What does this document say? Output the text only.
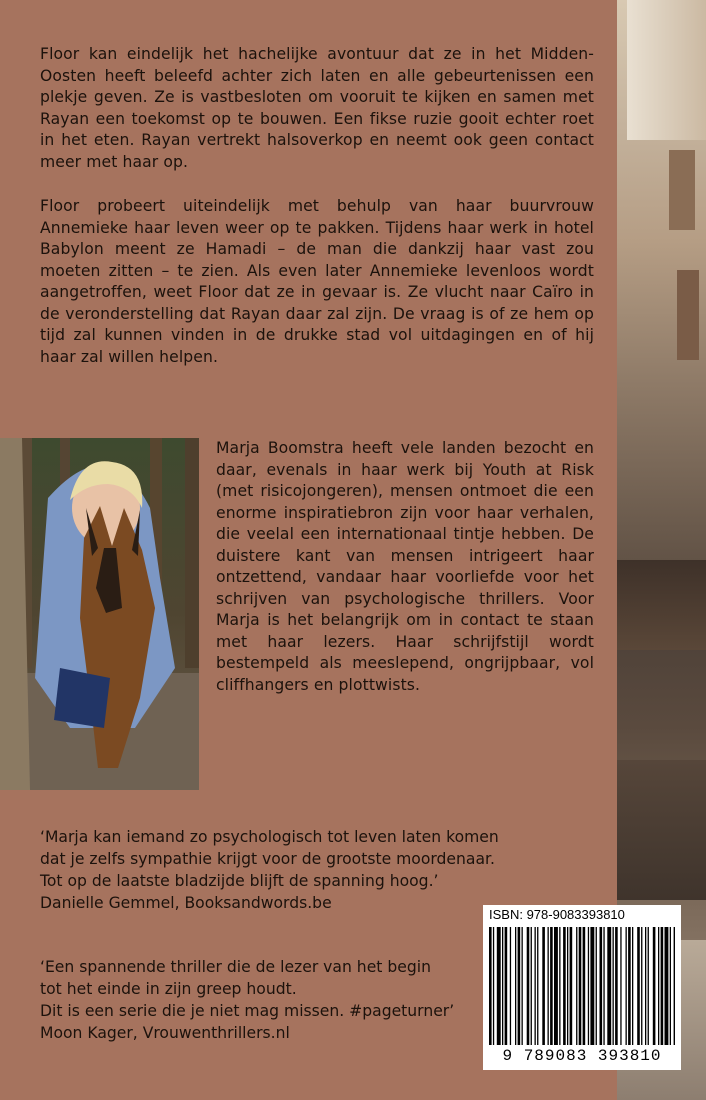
Floor kan eindelijk het hachelijke avontuur dat ze in het Midden-Oosten heeft beleefd achter zich laten en alle gebeurtenissen een plekje geven. Ze is vastbesloten om vooruit te kijken en samen met Rayan een toekomst op te bouwen. Een fikse ruzie gooit echter roet in het eten. Rayan vertrekt halsoverkop en neemt ook geen contact meer met haar op.

Floor probeert uiteindelijk met behulp van haar buurvrouw Annemieke haar leven weer op te pakken. Tijdens haar werk in hotel Babylon meent ze Hamadi – de man die dankzij haar vast zou moeten zitten – te zien. Als even later Annemieke levenloos wordt aangetroffen, weet Floor dat ze in gevaar is. Ze vlucht naar Caïro in de veronderstelling dat Rayan daar zal zijn. De vraag is of ze hem op tijd zal kunnen vinden in de drukke stad vol uitdagingen en of hij haar zal willen helpen.

Marja Boomstra heeft vele landen bezocht en daar, evenals in haar werk bij Youth at Risk (met risicojongeren), mensen ontmoet die een enorme inspiratiebron zijn voor haar verhalen, die veelal een internationaal tintje hebben. De duistere kant van mensen intrigeert haar ontzettend, vandaar haar voorliefde voor het schrijven van psychologische thrillers. Voor Marja is het belangrijk om in contact te staan met haar lezers. Haar schrijfstijl wordt bestempeld als meeslepend, ongrijpbaar, vol cliffhangers en plottwists.

‘Marja kan iemand zo psychologisch tot leven laten komen
dat je zelfs sympathie krijgt voor de grootste moordenaar.
Tot op de laatste bladzijde blijft de spanning hoog.’
Danielle Gemmel, Booksandwords.be
‘Een spannende thriller die de lezer van het begin
tot het einde in zijn greep houdt.
Dit is een serie die je niet mag missen. #pageturner’
Moon Kager, Vrouwenthrillers.nl
ISBN: 978-9083393810
9 789083 393810
